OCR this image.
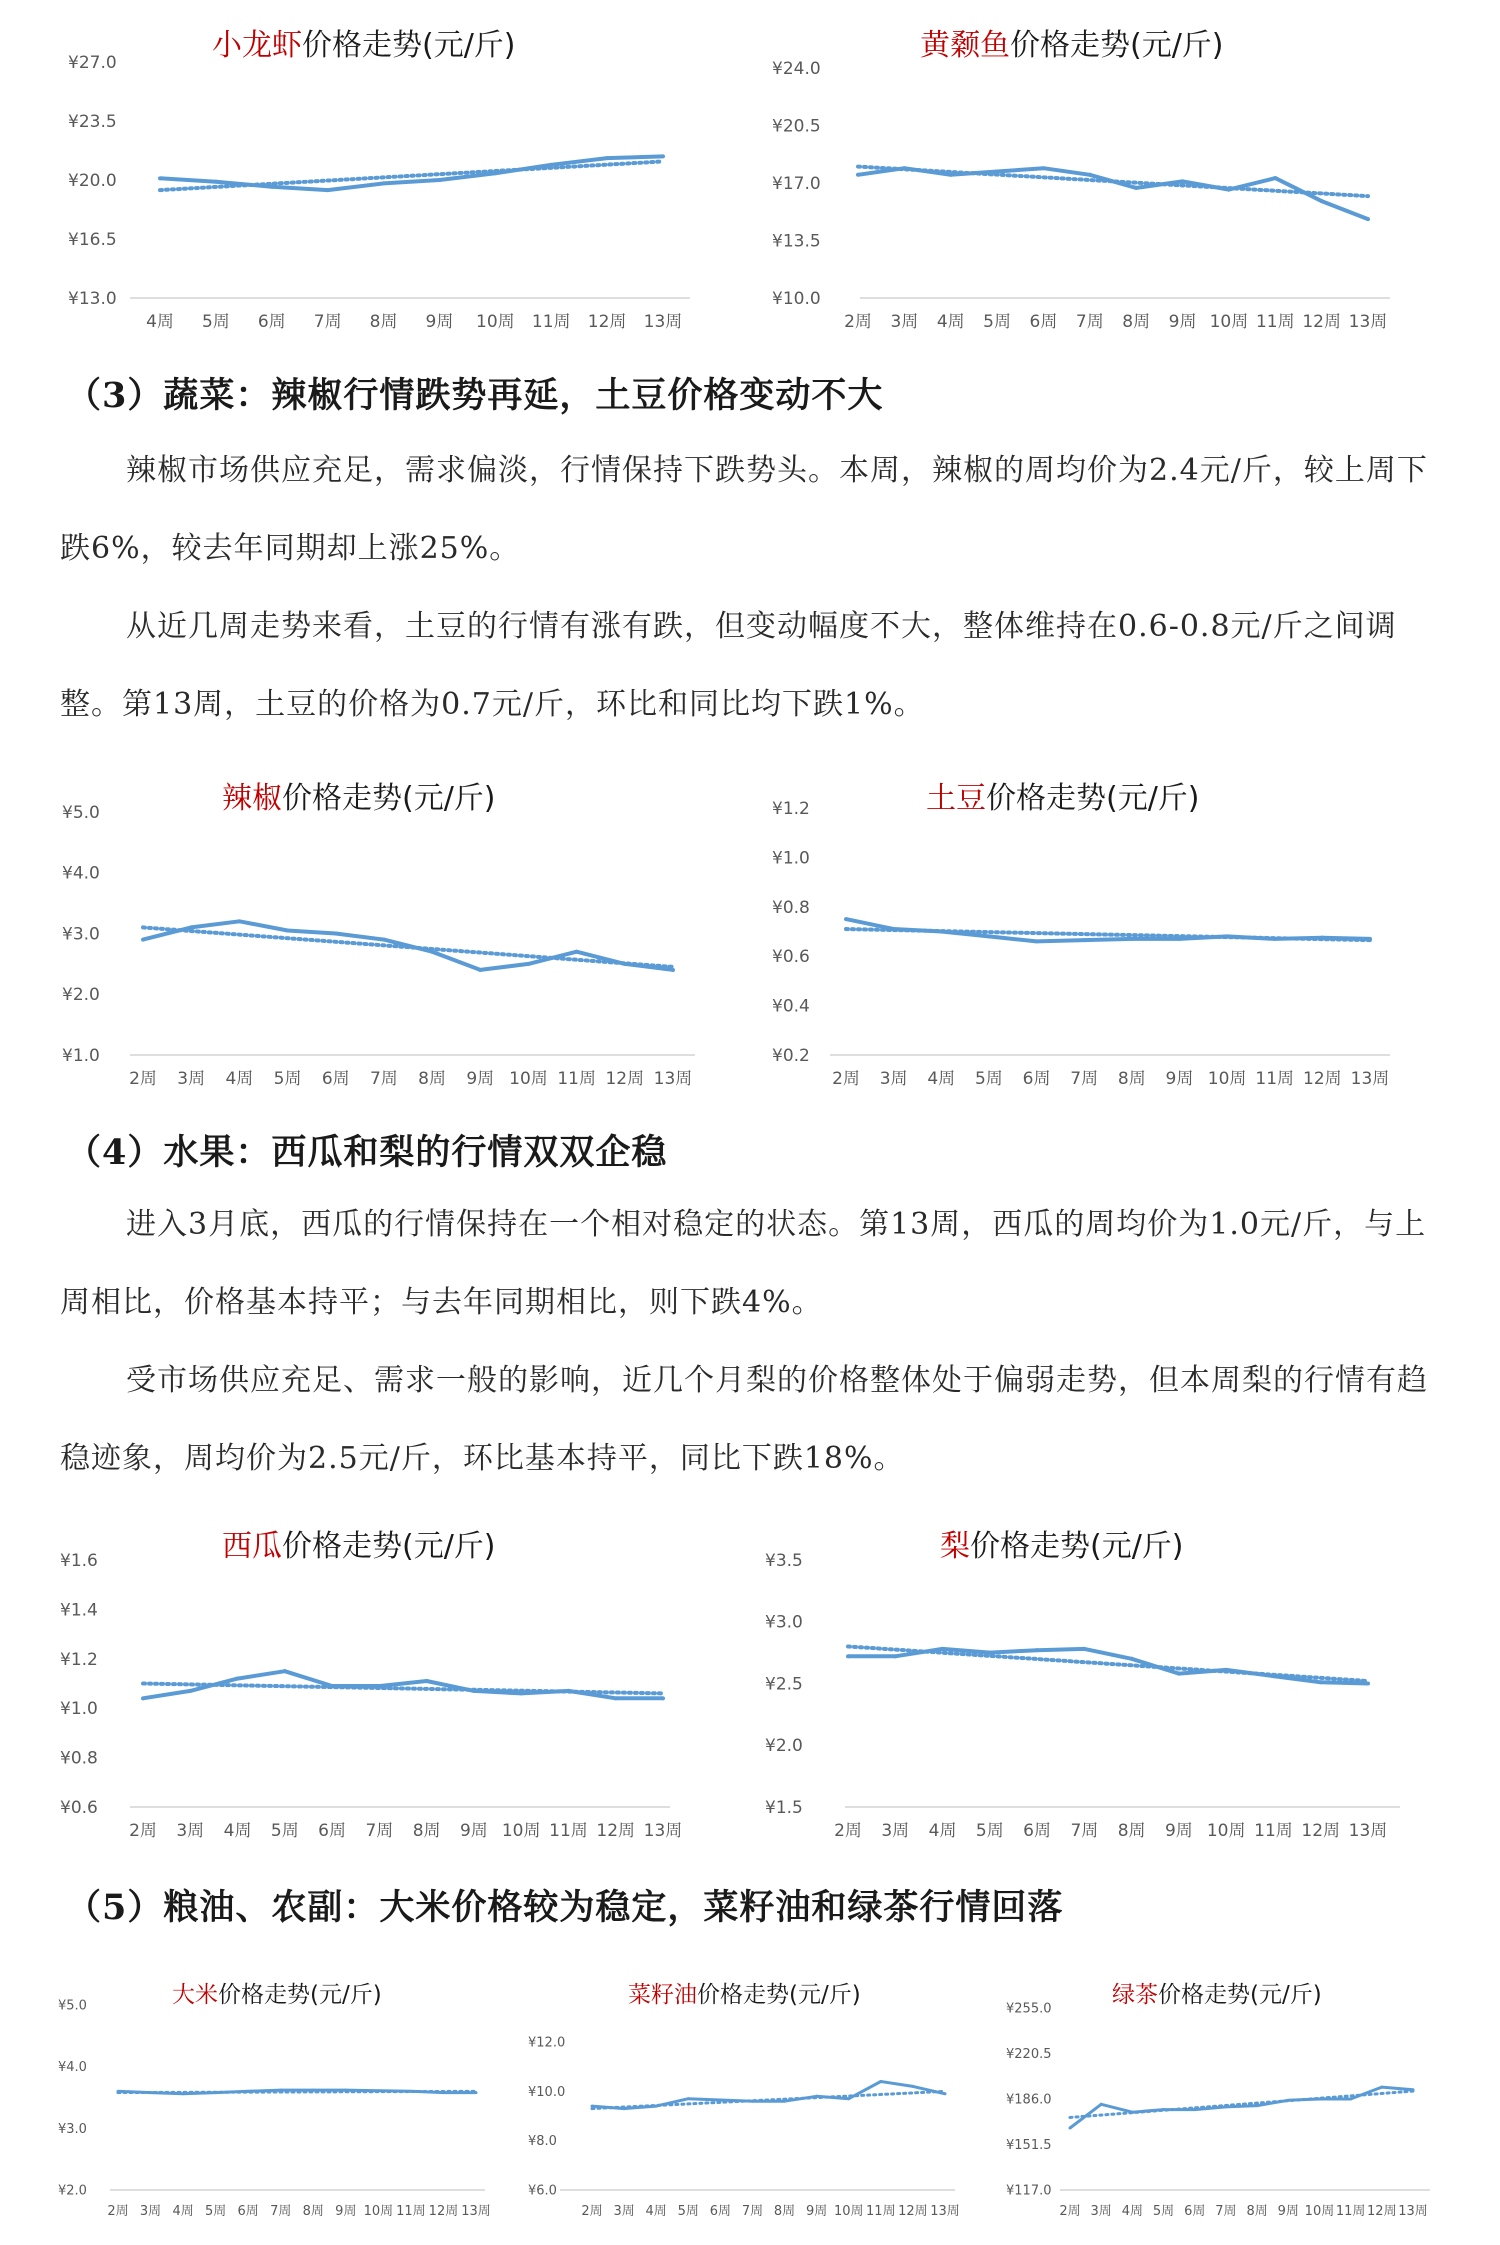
小龙虾价格走势(元/斤)
¥13.0
¥16.5
¥20.0
¥23.5
¥27.0
4周 5周 6周 7周 8周 9周 10周 11周 12周 13周
黄颡鱼价格走势(元/斤)
¥10.0
¥13.5
¥17.0
¥20.5
¥24.0
2周 3周 4周 5周 6周 7周 8周 9周 10周 11周 12周 13周
（3）蔬菜：辣椒行情跌势再延，土豆价格变动不大

辣椒市场供应充足，需求偏淡，行情保持下跌势头。本周，辣椒的周均价为2.4元/斤，较上周下跌6%，较去年同期却上涨25%。

从近几周走势来看，土豆的行情有涨有跌，但变动幅度不大，整体维持在0.6-0.8元/斤之间调整。第13周，土豆的价格为0.7元/斤，环比和同比均下跌1%。

辣椒价格走势(元/斤)
¥1.0
¥2.0
¥3.0
¥4.0
¥5.0
2周 3周 4周 5周 6周 7周 8周 9周 10周 11周 12周 13周
土豆价格走势(元/斤)
¥0.2
¥0.4
¥0.6
¥0.8
¥1.0
¥1.2
2周 3周 4周 5周 6周 7周 8周 9周 10周 11周 12周 13周
（4）水果：西瓜和梨的行情双双企稳

进入3月底，西瓜的行情保持在一个相对稳定的状态。第13周，西瓜的周均价为1.0元/斤，与上周相比，价格基本持平；与去年同期相比，则下跌4%。

受市场供应充足、需求一般的影响，近几个月梨的价格整体处于偏弱走势，但本周梨的行情有趋稳迹象，周均价为2.5元/斤，环比基本持平，同比下跌18%。

西瓜价格走势(元/斤)
¥0.6
¥0.8
¥1.0
¥1.2
¥1.4
¥1.6
2周 3周 4周 5周 6周 7周 8周 9周 10周 11周 12周 13周
梨价格走势(元/斤)
¥1.5
¥2.0
¥2.5
¥3.0
¥3.5
2周 3周 4周 5周 6周 7周 8周 9周 10周 11周 12周 13周
（5）粮油、农副：大米价格较为稳定，菜籽油和绿茶行情回落
大米价格走势(元/斤)
¥2.0
¥3.0
¥4.0
¥5.0
2周 3周 4周 5周 6周 7周 8周 9周 10周 11周 12周 13周
菜籽油价格走势(元/斤)
¥6.0
¥8.0
¥10.0
¥12.0
2周 3周 4周 5周 6周 7周 8周 9周 10周 11周 12周 13周
绿茶价格走势(元/斤)
¥117.0
¥151.5
¥186.0
¥220.5
¥255.0
2周 3周 4周 5周 6周 7周 8周 9周 10周 11周 12周 13周
